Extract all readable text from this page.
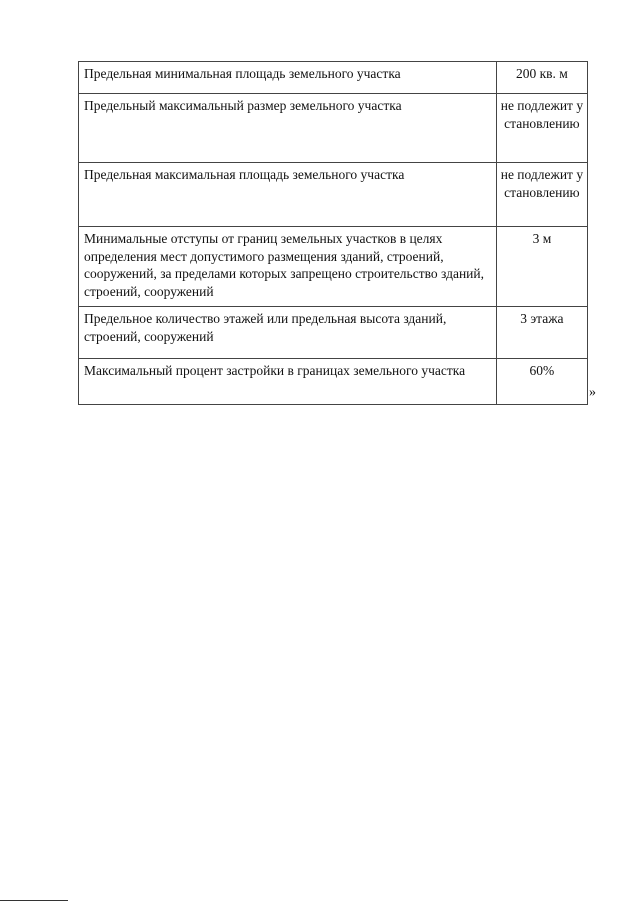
Предельная минимальная площадь земельного участка	200 кв. м
Предельный максимальный размер земельного участка	не подлежит установлению
Предельная максимальная площадь земельного участка	не подлежит установлению
Минимальные отступы от границ земельных участков в целях определения мест допустимого размещения зданий, строений, сооружений, за пределами которых запрещено строительство зданий, строений, сооружений	3 м
Предельное количество этажей или предельная высота зданий, строений, сооружений	3 этажа
Максимальный процент застройки в границах земельного участка	60%
»
